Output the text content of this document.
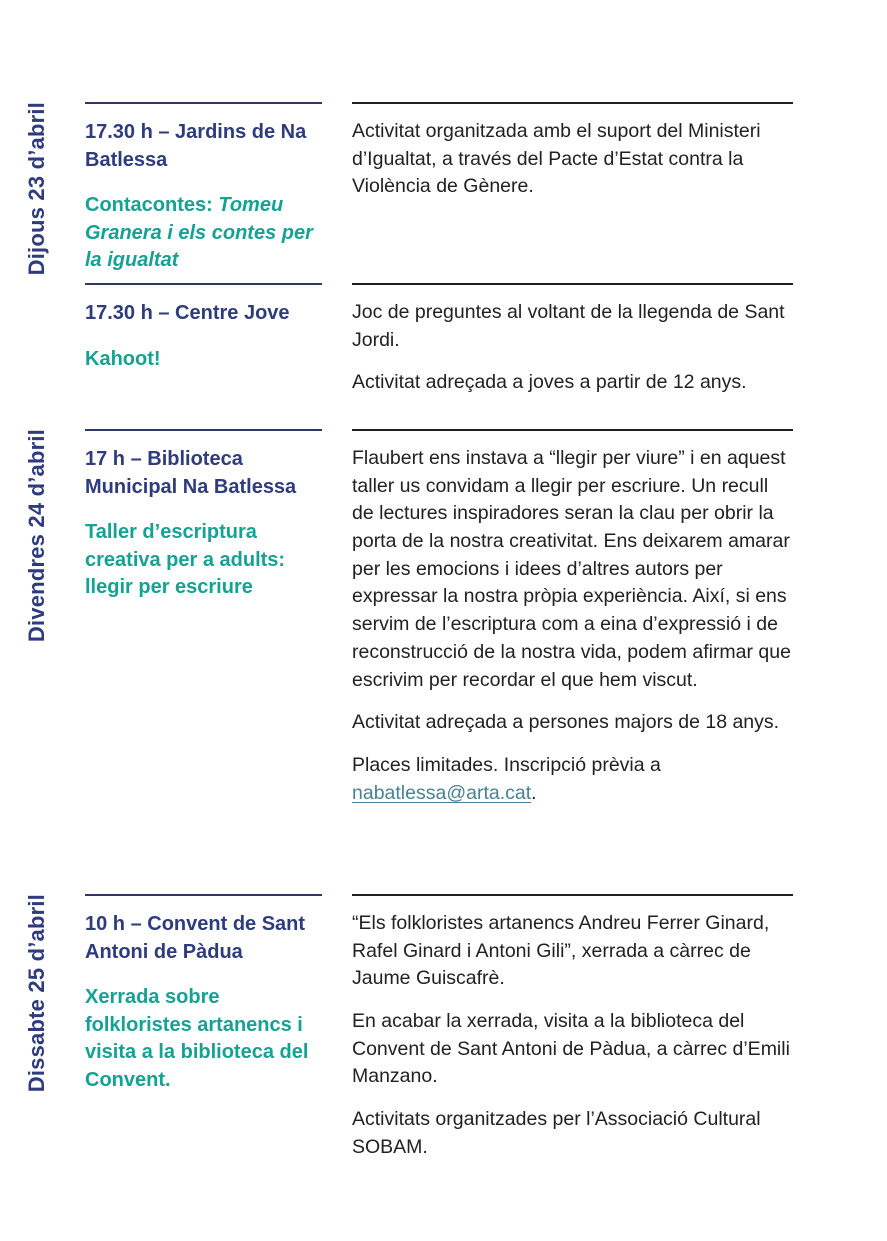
Dijous 23 d’abril 17.30 h – Jardins de Na Batlessa

Contacontes: Tomeu Granera i els contes per la igualtat

Activitat organitzada amb el suport del Ministeri d’Igualtat, a través del Pacte d’Estat contra la Violència de Gènere.

17.30 h – Centre Jove

Kahoot!

Joc de preguntes al voltant de la llegenda de Sant Jordi.

Activitat adreçada a joves a partir de 12 anys.

Divendres 24 d’abril 17 h – Biblioteca Municipal Na Batlessa

Taller d’escriptura creativa per a adults: llegir per escriure

Flaubert ens instava a “llegir per viure” i en aquest taller us convidam a llegir per escriure. Un recull de lectures inspiradores seran la clau per obrir la porta de la nostra creativitat. Ens deixarem amarar per les emocions i idees d’altres autors per expressar la nostra pròpia experiència. Així, si ens servim de l’escriptura com a eina d’expressió i de reconstrucció de la nostra vida, podem afirmar que escrivim per recordar el que hem viscut.

Activitat adreçada a persones majors de 18 anys.

Places limitades. Inscripció prèvia a nabatlessa@arta.cat.

Dissabte 25 d’abril 10 h – Convent de Sant Antoni de Pàdua

Xerrada sobre folkloristes artanencs i visita a la biblioteca del Convent.

“Els folkloristes artanencs Andreu Ferrer Ginard, Rafel Ginard i Antoni Gili”, xerrada a càrrec de Jaume Guiscafrè.

En acabar la xerrada, visita a la biblioteca del Convent de Sant Antoni de Pàdua, a càrrec d’Emili Manzano.

Activitats organitzades per l’Associació Cultural SOBAM.
